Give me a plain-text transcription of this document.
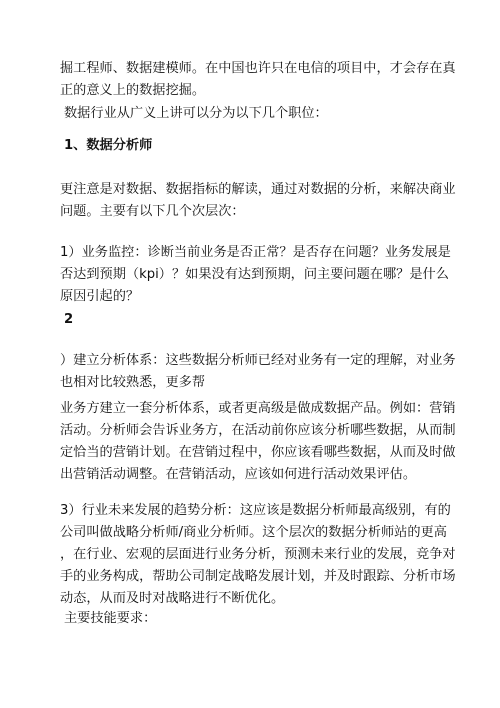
掘工程师、数据建模师。在中国也许只在电信的项目中，才会存在真
正的意义上的数据挖掘。

数据行业从广义上讲可以分为以下几个职位：

1、数据分析师

更注意是对数据、数据指标的解读，通过对数据的分析，来解决商业
问题。主要有以下几个次层次：

1）业务监控：诊断当前业务是否正常？是否存在问题？业务发展是
否达到预期（kpi）？如果没有达到预期，问主要问题在哪？是什么
原因引起的？

2

）建立分析体系：这些数据分析师已经对业务有一定的理解，对业务
也相对比较熟悉，更多帮

业务方建立一套分析体系，或者更高级是做成数据产品。例如：营销
活动。分析师会告诉业务方，在活动前你应该分析哪些数据，从而制
定恰当的营销计划。在营销过程中，你应该看哪些数据，从而及时做
出营销活动调整。在营销活动，应该如何进行活动效果评估。

3）行业未来发展的趋势分析：这应该是数据分析师最高级别，有的
公司叫做战略分析师/商业分析师。这个层次的数据分析师站的更高
，在行业、宏观的层面进行业务分析，预测未来行业的发展，竞争对
手的业务构成，帮助公司制定战略发展计划，并及时跟踪、分析市场
动态，从而及时对战略进行不断优化。

主要技能要求：
